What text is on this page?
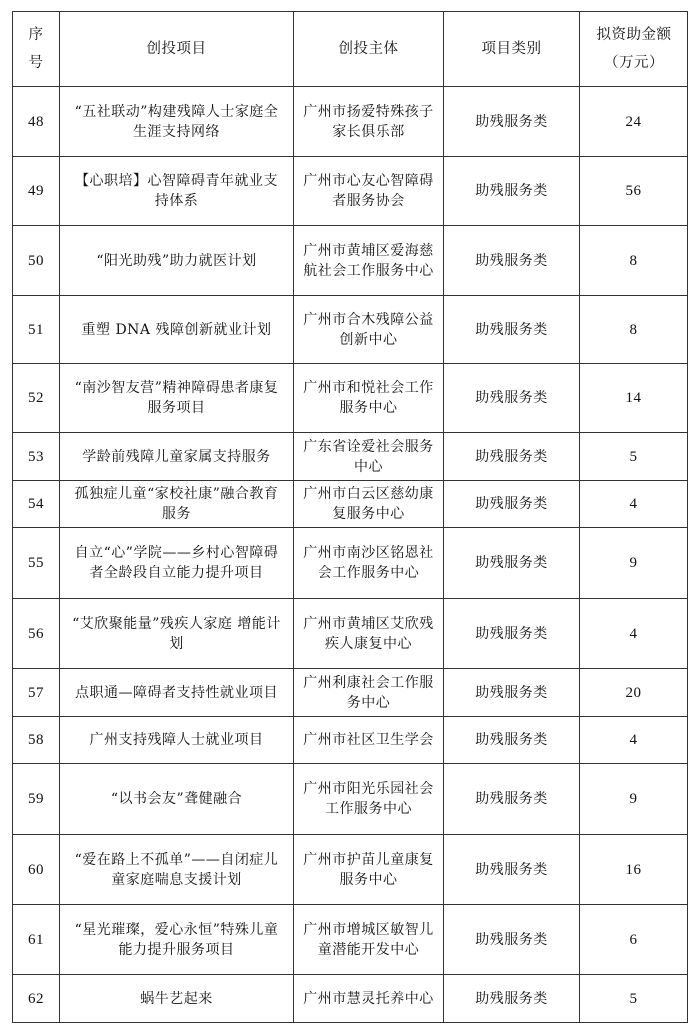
序号	创投项目	创投主体	项目类别	拟资助金额（万元）
48	“五社联动”构建残障人士家庭全生涯支持网络	广州市扬爱特殊孩子家长俱乐部	助残服务类	24
49	【心职培】心智障碍青年就业支持体系	广州市心友心智障碍者服务协会	助残服务类	56
50	“阳光助残”助力就医计划	广州市黄埔区爱海慈航社会工作服务中心	助残服务类	8
51	重塑 DNA 残障创新就业计划	广州市合木残障公益创新中心	助残服务类	8
52	“南沙智友营”精神障碍患者康复服务项目	广州市和悦社会工作服务中心	助残服务类	14
53	学龄前残障儿童家属支持服务	广东省诠爱社会服务中心	助残服务类	5
54	孤独症儿童“家校社康”融合教育服务	广州市白云区慈幼康复服务中心	助残服务类	4
55	自立“心”学院——乡村心智障碍者全龄段自立能力提升项目	广州市南沙区铭恩社会工作服务中心	助残服务类	9
56	“艾欣聚能量”残疾人家庭 增能计划	广州市黄埔区艾欣残疾人康复中心	助残服务类	4
57	点职通—障碍者支持性就业项目	广州利康社会工作服务中心	助残服务类	20
58	广州支持残障人士就业项目	广州市社区卫生学会	助残服务类	4
59	“以书会友”聋健融合	广州市阳光乐园社会工作服务中心	助残服务类	9
60	“爱在路上不孤单”——自闭症儿童家庭喘息支援计划	广州市护苗儿童康复服务中心	助残服务类	16
61	“星光璀璨，爱心永恒”特殊儿童能力提升服务项目	广州市增城区敏智儿童潜能开发中心	助残服务类	6
62	蜗牛艺起来	广州市慧灵托养中心	助残服务类	5
